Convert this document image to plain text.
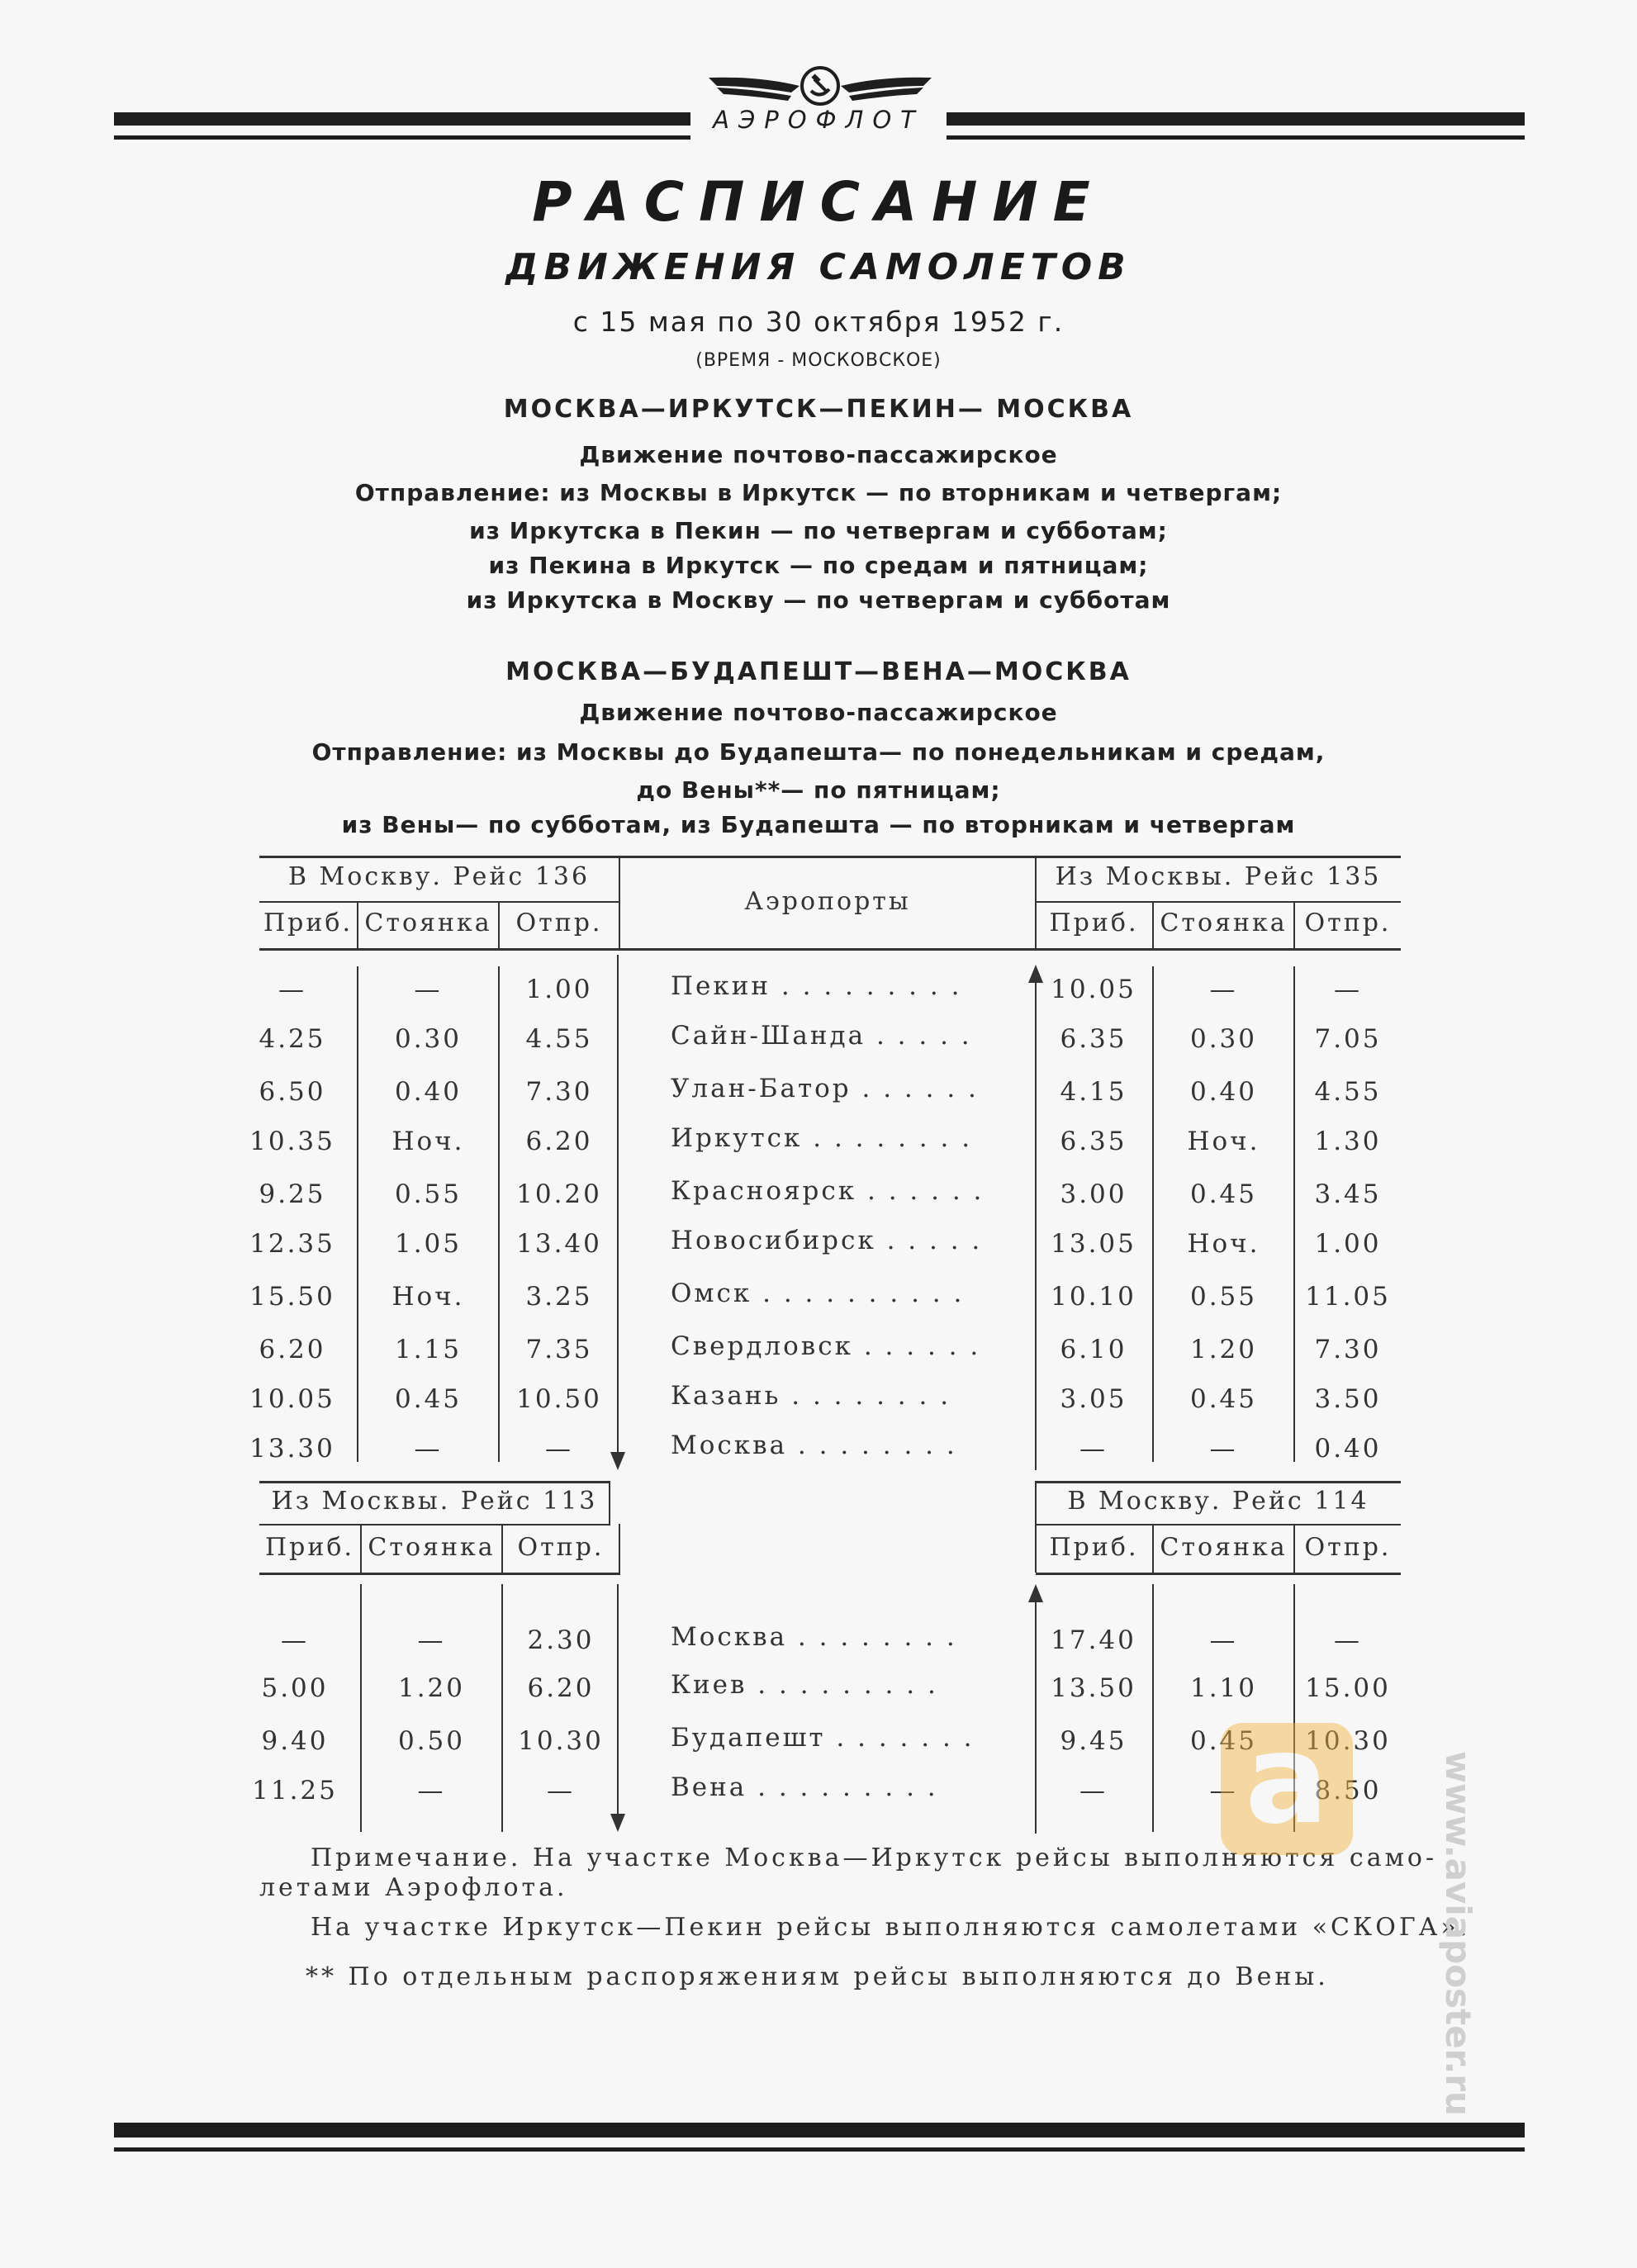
АЭРОФЛОТ
РАСПИСАНИЕ
ДВИЖЕНИЯ САМОЛЕТОВ
с 15 мая по 30 октября 1952 г.
(ВРЕМЯ - МОСКОВСКОЕ)
МОСКВА—ИРКУТСК—ПЕКИН— МОСКВА
Движение почтово-пассажирское
Отправление: из Москвы в Иркутск — по вторникам и четвергам;
из Иркутска в Пекин — по четвергам и субботам;
из Пекина в Иркутск — по средам и пятницам;
из Иркутска в Москву — по четвергам и субботам
МОСКВА—БУДАПЕШТ—ВЕНА—МОСКВА
Движение почтово-пассажирское
Отправление: из Москвы до Будапешта— по понедельникам и средам,
до Вены**— по пятницам;
из Вены— по субботам, из Будапешта — по вторникам и четвергам
В Москву. Рейс 136	Из Москвы. Рейс 135
Аэропорты
Приб. Стоянка Отпр.	Приб. Стоянка Отпр.
—	—	1.00	Пекин . . . . . . . . .	10.05	—	—
4.25	0.30	4.55	Сайн-Шанда . . . . .	6.35	0.30	7.05
6.50	0.40	7.30	Улан-Батор . . . . . .	4.15	0.40	4.55
10.35	Ноч.	6.20	Иркутск . . . . . . . .	6.35	Ноч.	1.30
9.25	0.55	10.20	Красноярск . . . . . .	3.00	0.45	3.45
12.35	1.05	13.40	Новосибирск . . . . .	13.05	Ноч.	1.00
15.50	Ноч.	3.25	Омск . . . . . . . . . .	10.10	0.55	11.05
6.20	1.15	7.35	Свердловск . . . . . .	6.10	1.20	7.30
10.05	0.45	10.50	Казань . . . . . . . .	3.05	0.45	3.50
13.30	—	—	Москва . . . . . . . .	—	—	0.40
Из Москвы. Рейс 113	В Москву. Рейс 114
Приб. Стоянка Отпр.	Приб. Стоянка Отпр.
—	—	2.30	Москва . . . . . . . .	17.40	—	—
5.00	1.20	6.20	Киев . . . . . . . . .	13.50	1.10	15.00
9.40	0.50	10.30	Будапешт . . . . . . .	9.45	0.45	10.30
11.25	—	—	Вена . . . . . . . . .	—	—	8.50
Примечание. На участке Москва—Иркутск рейсы выполняются само-
летами Аэрофлота.
На участке Иркутск—Пекин рейсы выполняются самолетами «СКОГА».
** По отдельным распоряжениям рейсы выполняются до Вены.
a	www.aviaposter.ru
